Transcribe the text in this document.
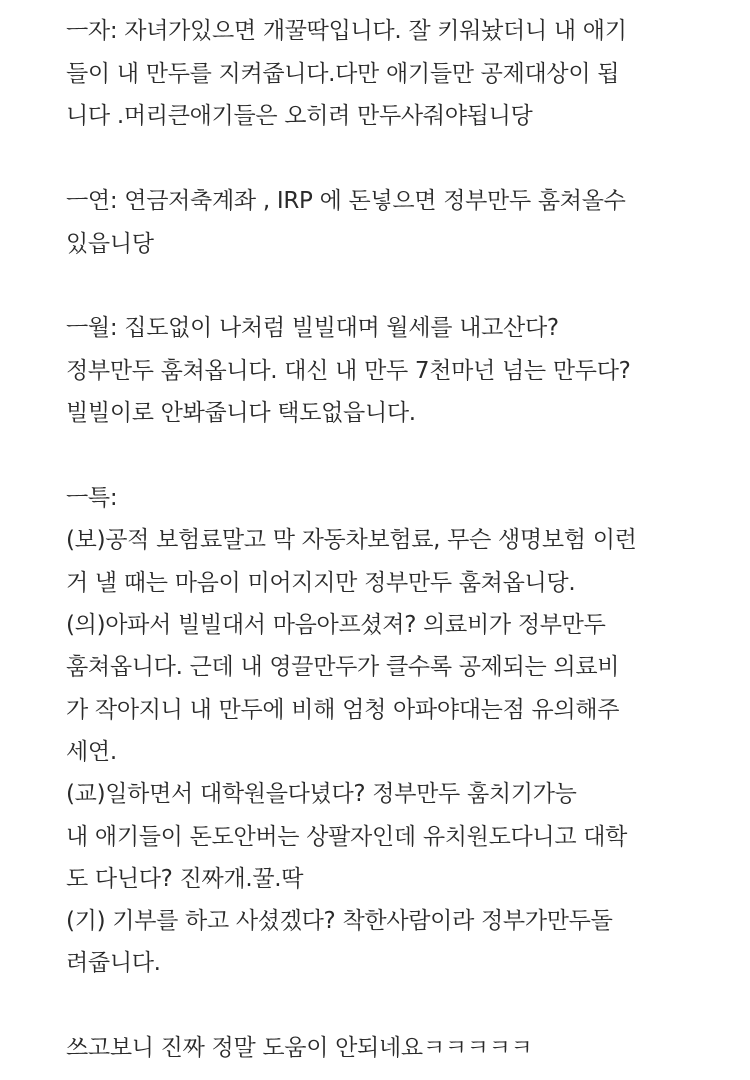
ㅡ자: 자녀가있으면 개꿀딱입니다. 잘 키워놨더니 내 애기
들이 내 만두를 지켜줍니다.다만 애기들만 공제대상이 됩
니다 .머리큰애기들은 오히려 만두사줘야됩니당
ㅡ연: 연금저축계좌 , IRP 에 돈넣으면 정부만두 훔쳐올수
있읍니당
ㅡ월: 집도없이 나처럼 빌빌대며 월세를 내고산다?
정부만두 훔쳐옵니다. 대신 내 만두 7천마넌 넘는 만두다?
빌빌이로 안봐줍니다 택도없읍니다.
ㅡ특:
(보)공적 보험료말고 막 자동차보험료, 무슨 생명보험 이런
거 낼 때는 마음이 미어지지만 정부만두 훔쳐옵니당.
(의)아파서 빌빌대서 마음아프셨져? 의료비가 정부만두
훔쳐옵니다. 근데 내 영끌만두가 클수록 공제되는 의료비
가 작아지니 내 만두에 비해 엄청 아파야대는점 유의해주
세연.
(교)일하면서 대학원을다녔다? 정부만두 훔치기가능
내 애기들이 돈도안버는 상팔자인데 유치원도다니고 대학
도 다닌다? 진짜개.꿀.딱
(기) 기부를 하고 사셨겠다? 착한사람이라 정부가만두돌
려줍니다.
쓰고보니 진짜 정말 도움이 안되네요ㅋㅋㅋㅋㅋ
